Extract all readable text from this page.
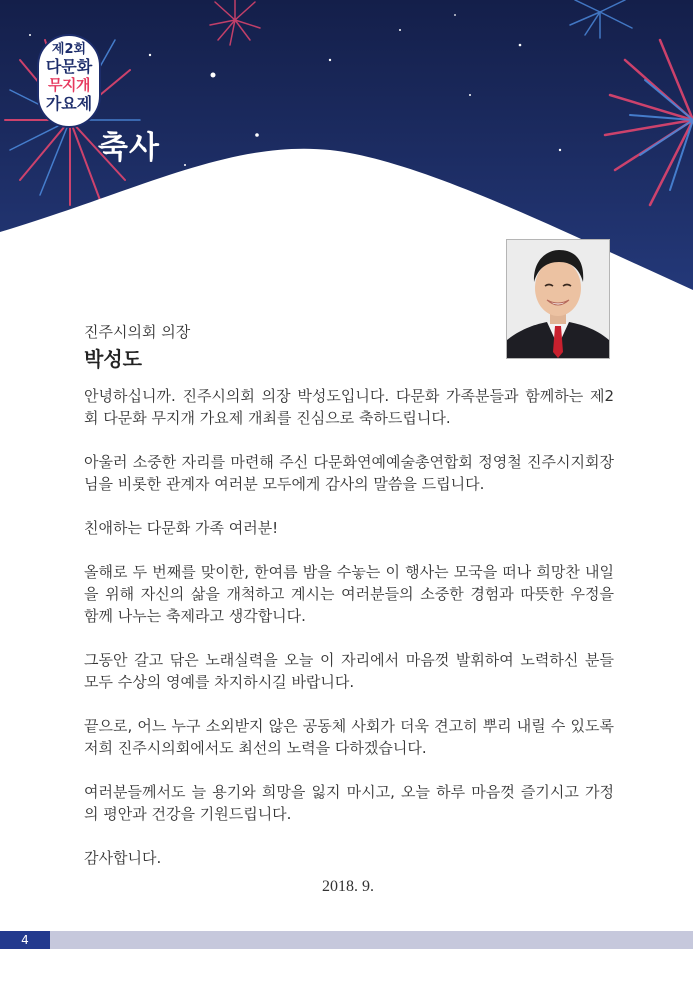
제2회
다문화
무지개
가요제
축사
진주시의회 의장
박성도

안녕하십니까. 진주시의회 의장 박성도입니다. 다문화 가족분들과 함께하는 제2회 다문화 무지개 가요제 개최를 진심으로 축하드립니다.

아울러 소중한 자리를 마련해 주신 다문화연예예술총연합회 정영철 진주시지회장님을 비롯한 관계자 여러분 모두에게 감사의 말씀을 드립니다.

친애하는 다문화 가족 여러분!

올해로 두 번째를 맞이한, 한여름 밤을 수놓는 이 행사는 모국을 떠나 희망찬 내일을 위해 자신의 삶을 개척하고 계시는 여러분들의 소중한 경험과 따뜻한 우정을 함께 나누는 축제라고 생각합니다.

그동안 갈고 닦은 노래실력을 오늘 이 자리에서 마음껏 발휘하여 노력하신 분들 모두 수상의 영예를 차지하시길 바랍니다.

끝으로, 어느 누구 소외받지 않은 공동체 사회가 더욱 견고히 뿌리 내릴 수 있도록 저희 진주시의회에서도 최선의 노력을 다하겠습니다.

여러분들께서도 늘 용기와 희망을 잃지 마시고, 오늘 하루 마음껏 즐기시고 가정의 평안과 건강을 기원드립니다.

감사합니다.

2018. 9.
4
